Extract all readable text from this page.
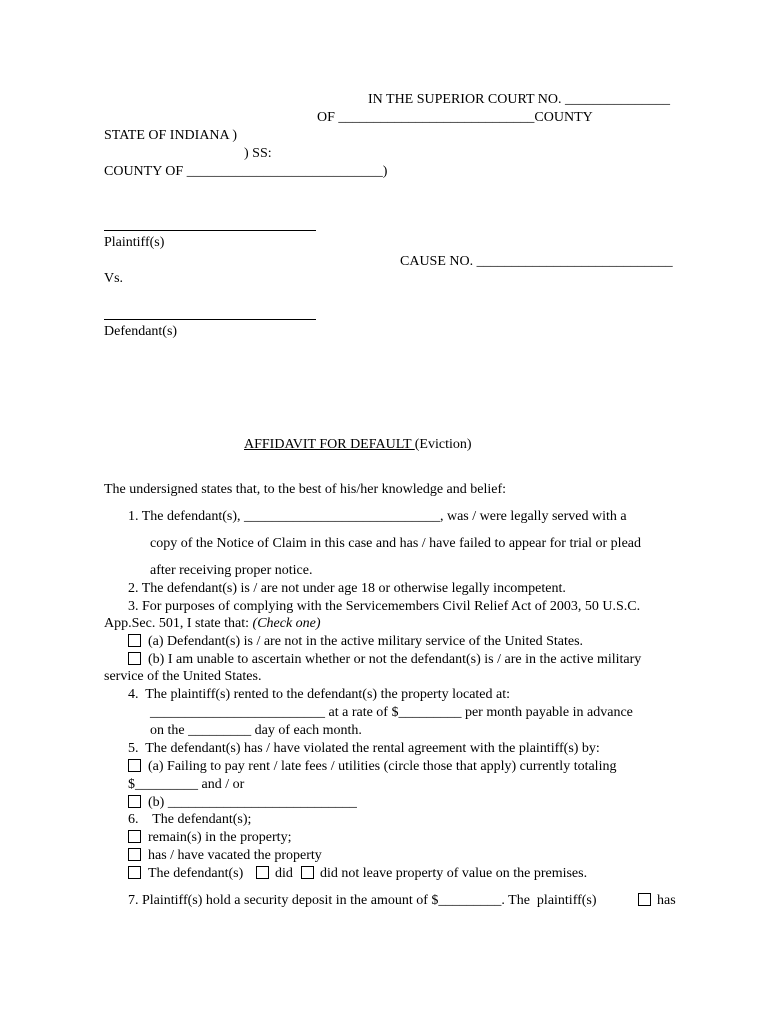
IN THE SUPERIOR COURT NO. _______________
OF ____________________________COUNTY
STATE OF INDIANA )
) SS:
COUNTY OF ____________________________)
Plaintiff(s)
CAUSE NO. ____________________________
Vs.
Defendant(s)
AFFIDAVIT FOR DEFAULT (Eviction)
The undersigned states that, to the best of his/her knowledge and belief:
1. The defendant(s), ____________________________, was / were legally served with a
copy of the Notice of Claim in this case and has / have failed to appear for trial or plead
after receiving proper notice.
2. The defendant(s) is / are not under age 18 or otherwise legally incompetent.
3. For purposes of complying with the Servicemembers Civil Relief Act of 2003, 50 U.S.C.
App.Sec. 501, I state that: (Check one)
(a) Defendant(s) is / are not in the active military service of the United States.
(b) I am unable to ascertain whether or not the defendant(s) is / are in the active military
service of the United States.
4.  The plaintiff(s) rented to the defendant(s) the property located at:
_________________________ at a rate of $_________ per month payable in advance
on the _________ day of each month.
5.  The defendant(s) has / have violated the rental agreement with the plaintiff(s) by:
(a) Failing to pay rent / late fees / utilities (circle those that apply) currently totaling
$_________ and / or
(b) ___________________________
6.    The defendant(s);
remain(s) in the property;
has / have vacated the property
The defendant(s) did did not leave property of value on the premises.
7. Plaintiff(s) hold a security deposit in the amount of $_________. The  plaintiff(s)	has
